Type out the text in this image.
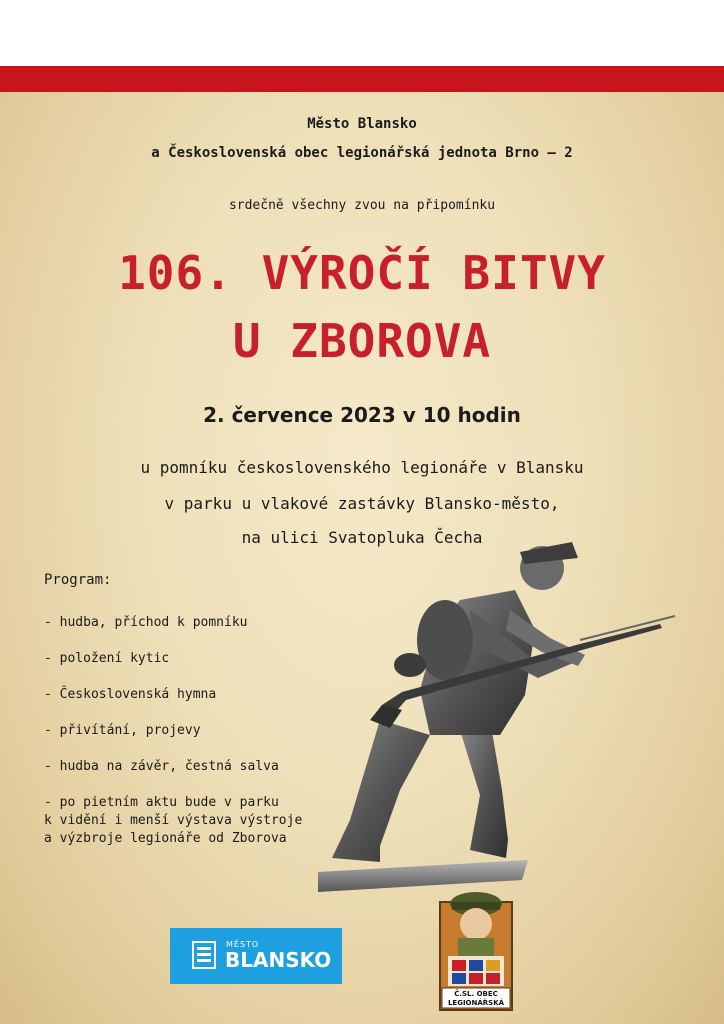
Město Blansko
a Československá obec legionářská jednota Brno – 2
srdečně všechny zvou na připomínku
106. VÝROČÍ BITVY
U ZBOROVA
2. července 2023 v 10 hodin
u pomníku československého legionáře v Blansku
v parku u vlakové zastávky Blansko-město,
na ulici Svatopluka Čecha
Program:
- hudba, příchod k pomníku
- položení kytic
- Československá hymna
- přivítání, projevy
- hudba na závěr, čestná salva
- po pietním aktu bude v parku
k vidění i menší výstava výstroje
a výzbroje legionáře od Zborova
MĚSTO
BLANSKO
Č.SL. OBEC
LEGIONÁŘSKÁ
